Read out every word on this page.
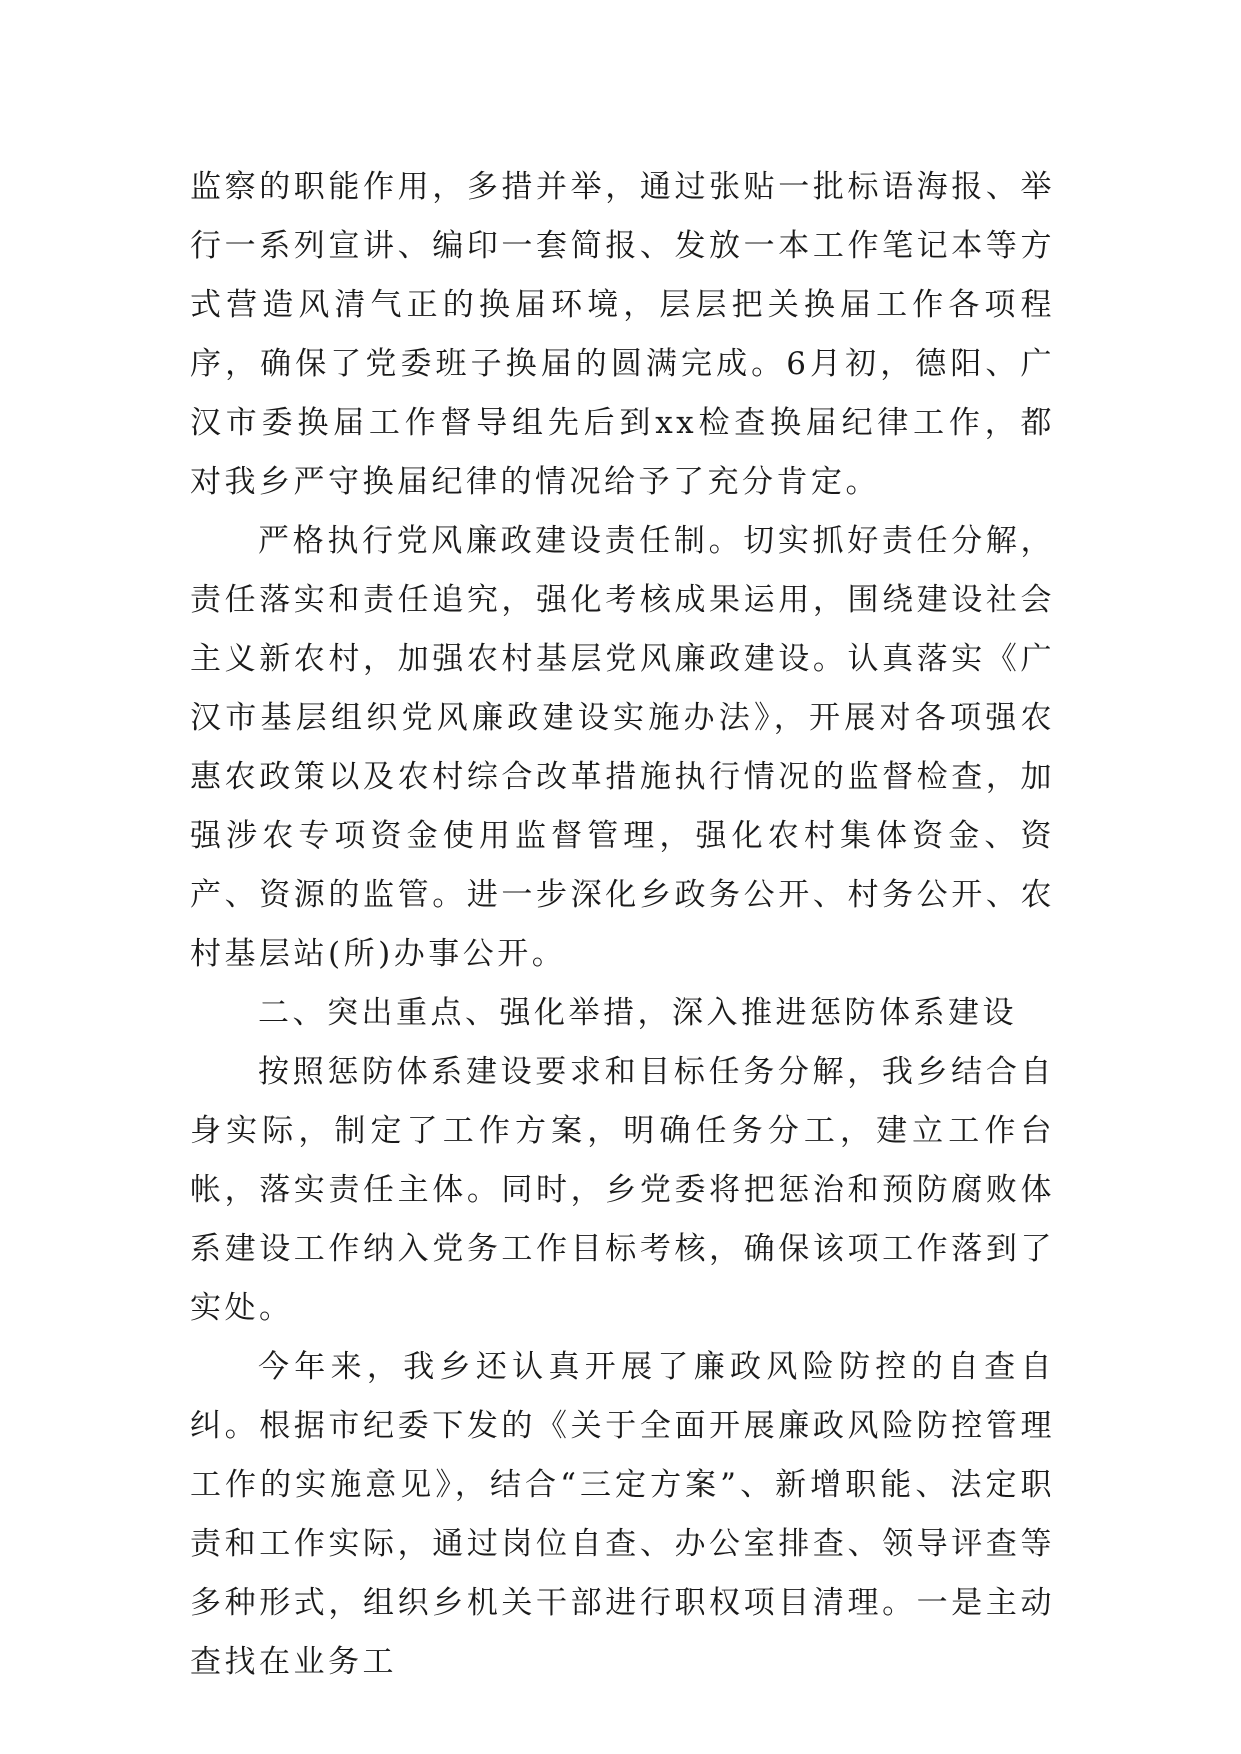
监察的职能作用，多措并举，通过张贴一批标语海报、举行一系列宣讲、编印一套简报、发放一本工作笔记本等方式营造风清气正的换届环境，层层把关换届工作各项程序，确保了党委班子换届的圆满完成。6月初，德阳、广汉市委换届工作督导组先后到xx检查换届纪律工作，都对我乡严守换届纪律的情况给予了充分肯定。

严格执行党风廉政建设责任制。切实抓好责任分解，责任落实和责任追究，强化考核成果运用，围绕建设社会主义新农村，加强农村基层党风廉政建设。认真落实《广汉市基层组织党风廉政建设实施办法》，开展对各项强农惠农政策以及农村综合改革措施执行情况的监督检查，加强涉农专项资金使用监督管理，强化农村集体资金、资产、资源的监管。进一步深化乡政务公开、村务公开、农村基层站(所)办事公开。

二、突出重点、强化举措，深入推进惩防体系建设

按照惩防体系建设要求和目标任务分解，我乡结合自身实际，制定了工作方案，明确任务分工，建立工作台帐，落实责任主体。同时，乡党委将把惩治和预防腐败体系建设工作纳入党务工作目标考核，确保该项工作落到了实处。

今年来，我乡还认真开展了廉政风险防控的自查自纠。根据市纪委下发的《关于全面开展廉政风险防控管理工作的实施意见》，结合“三定方案”、新增职能、法定职责和工作实际，通过岗位自查、办公室排查、领导评查等多种形式，组织乡机关干部进行职权项目清理。一是主动查找在业务工
